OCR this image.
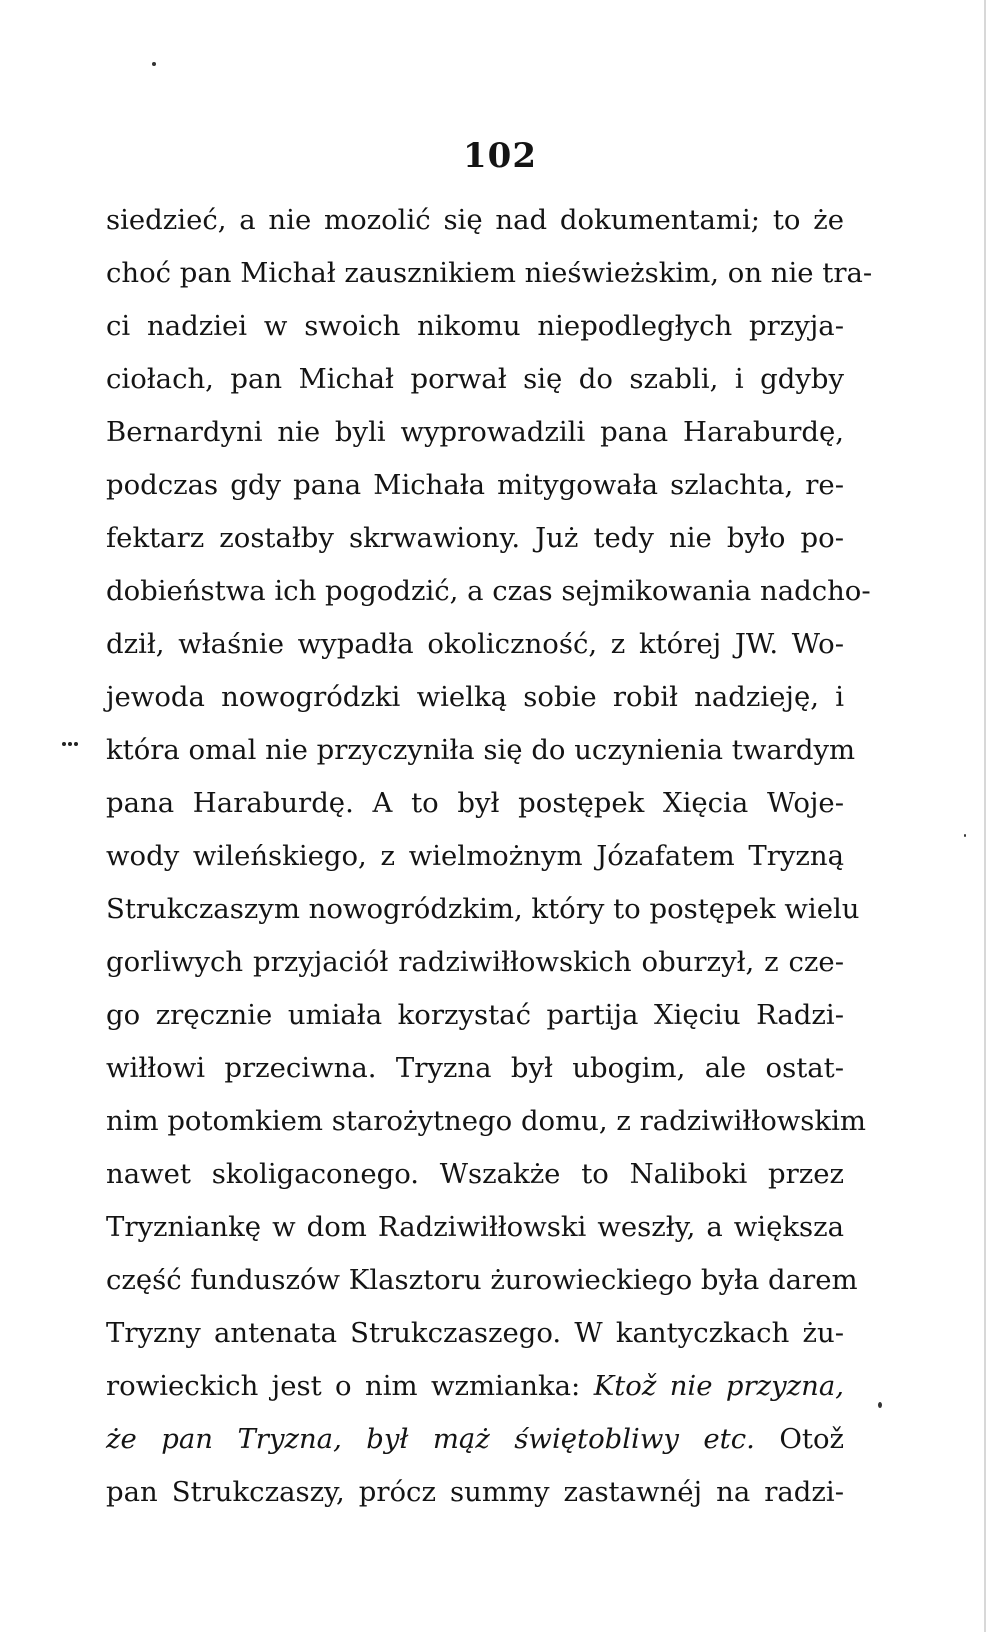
102
siedzieć, a nie mozolić się nad dokumentami; to że
choć pan Michał zausznikiem nieświeżskim, on nie tra-
ci nadziei w swoich nikomu niepodległych przyja-
ciołach, pan Michał porwał się do szabli, i gdyby
Bernardyni nie byli wyprowadzili pana Haraburdę,
podczas gdy pana Michała mitygowała szlachta, re-
fektarz zostałby skrwawiony. Już tedy nie było po-
dobieństwa ich pogodzić, a czas sejmikowania nadcho-
dził, właśnie wypadła okoliczność, z której JW. Wo-
jewoda nowogródzki wielką sobie robił nadzieję, i
która omal nie przyczyniła się do uczynienia twardym
pana Haraburdę. A to był postępek Xięcia Woje-
wody wileńskiego, z wielmożnym Józafatem Tryzną
Strukczaszym nowogródzkim, który to postępek wielu
gorliwych przyjaciół radziwiłłowskich oburzył, z cze-
go zręcznie umiała korzystać partija Xięciu Radzi-
wiłłowi przeciwna. Tryzna był ubogim, ale ostat-
nim potomkiem starożytnego domu, z radziwiłłowskim
nawet skoligaconego. Wszakże to Naliboki przez
Tryzniankę w dom Radziwiłłowski weszły, a większa
część funduszów Klasztoru żurowieckiego była darem
Tryzny antenata Strukczaszego. W kantyczkach żu-
rowieckich jest o nim wzmianka: Ktož nie przyzna,
że pan Tryzna, był mąż świętobliwy etc. Otož
pan Strukczaszy, prócz summy zastawnéj na radzi-
